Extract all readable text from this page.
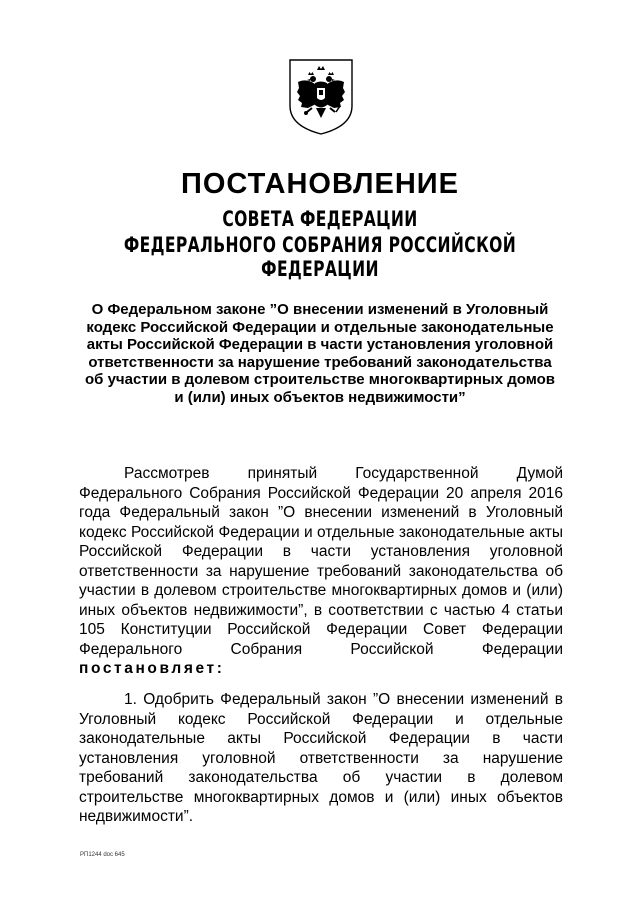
ПОСТАНОВЛЕНИЕ
СОВЕТА ФЕДЕРАЦИИ
ФЕДЕРАЛЬНОГО СОБРАНИЯ РОССИЙСКОЙ ФЕДЕРАЦИИ

О Федеральном законе ”О внесении изменений в Уголовный кодекс Российской Федерации и отдельные законодательные акты Российской Федерации в части установления уголовной ответственности за нарушение требований законодательства об участии в долевом строительстве многоквартирных домов и (или) иных объектов недвижимости”

Рассмотрев принятый Государственной Думой Федерального Собрания Российской Федерации 20 апреля 2016 года Федеральный закон ”О внесении изменений в Уголовный кодекс Российской Федерации и отдельные законодательные акты Российской Федерации в части установления уголовной ответственности за нарушение требований законодательства об участии в долевом строительстве многоквартирных домов и (или) иных объектов недвижимости”, в соответствии с частью 4 статьи 105 Конституции Российской Федерации Совет Федерации Федерального Собрания Российской Федерации постановляет:

1. Одобрить Федеральный закон ”О внесении изменений в Уголовный кодекс Российской Федерации и отдельные законодательные акты Российской Федерации в части установления уголовной ответственности за нарушение требований законодательства об участии в долевом строительстве многоквартирных домов и (или) иных объектов недвижимости”.

РП1244 doc 645
